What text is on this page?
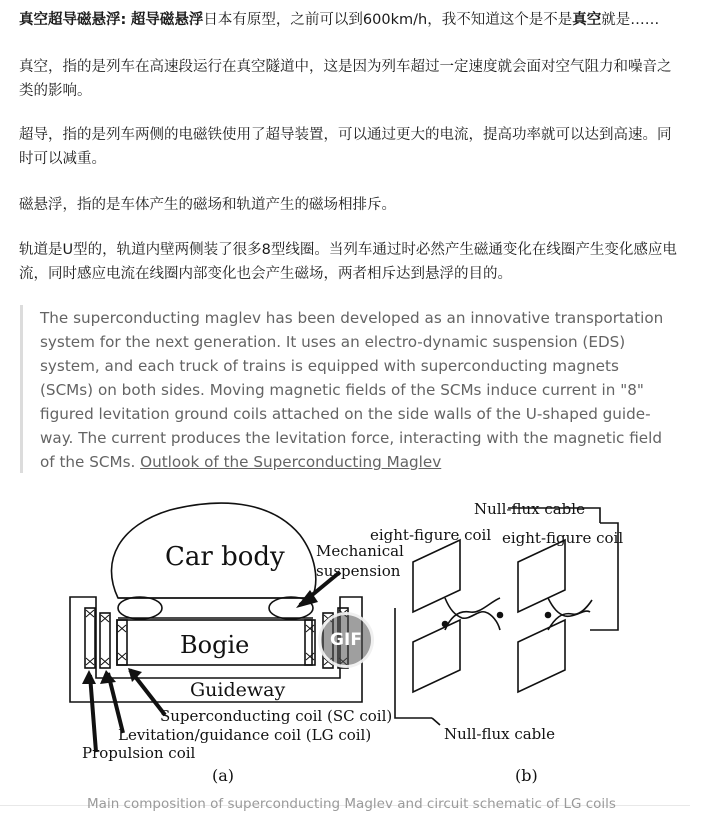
真空超导磁悬浮: 超导磁悬浮日本有原型，之前可以到600km/h，我不知道这个是不是真空就是……

真空，指的是列车在高速段运行在真空隧道中，这是因为列车超过一定速度就会面对空气阻力和噪音之类的影响。

超导，指的是列车两侧的电磁铁使用了超导装置，可以通过更大的电流，提高功率就可以达到高速。同时可以减重。

磁悬浮，指的是车体产生的磁场和轨道产生的磁场相排斥。

轨道是U型的，轨道内壁两侧装了很多8型线圈。当列车通过时必然产生磁通变化在线圈产生变化感应电流，同时感应电流在线圈内部变化也会产生磁场，两者相斥达到悬浮的目的。

The superconducting maglev has been developed as an innovative transportation system for the next generation. It uses an electro-dynamic suspension (EDS) system, and each truck of trains is equipped with superconducting magnets (SCMs) on both sides. Moving magnetic fields of the SCMs induce current in "8" figured levitation ground coils attached on the side walls of the U-shaped guide-way. The current produces the levitation force, interacting with the magnetic field of the SCMs. Outlook of the Superconducting Maglev

Car body Mechanical
suspension
Bogie
Guideway
Superconducting coil (SC coil)
Levitation/guidance coil (LG coil)
Propulsion coil
(a)
Null-flux cable
eight-figure coil eight-figure coil
Null-flux cable
(b)
GIF
Main composition of superconducting Maglev and circuit schematic of LG coils
